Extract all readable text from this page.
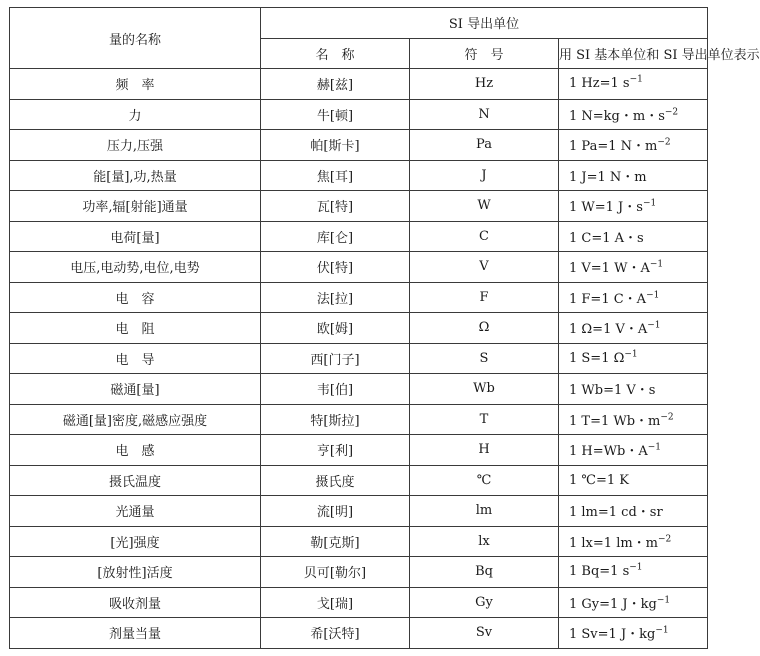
量的名称	SI 导出单位		
	名　称	符　号	用 SI 基本单位和 SI 导出单位表示
频　率	赫[兹]	Hz	1 Hz=1 $s^{-1}$
力	牛[顿]	N	1 N=kg・m・$s^{-2}$
压力,压强	帕[斯卡]	Pa	1 Pa=1 N・$m^{-2}$
能[量],功,热量	焦[耳]	J	1 J=1 N・m
功率,辐[射能]通量	瓦[特]	W	1 W=1 J・$s^{-1}$
电荷[量]	库[仑]	C	1 C=1 A・s
电压,电动势,电位,电势	伏[特]	V	1 V=1 W・$A^{-1}$
电　容	法[拉]	F	1 F=1 C・$A^{-1}$
电　阻	欧[姆]	Ω	1 Ω=1 V・$A^{-1}$
电　导	西[门子]	S	1 S=1 $\Omega^{-1}$
磁通[量]	韦[伯]	Wb	1 Wb=1 V・s
磁通[量]密度,磁感应强度	特[斯拉]	T	1 T=1 Wb・$m^{-2}$
电　感	亨[利]	H	1 H=Wb・$A^{-1}$
摄氏温度	摄氏度	℃	1 ℃=1 K
光通量	流[明]	lm	1 lm=1 cd・sr
[光]强度	勒[克斯]	lx	1 lx=1 lm・$m^{-2}$
[放射性]活度	贝可[勒尔]	Bq	1 Bq=1 $s^{-1}$
吸收剂量	戈[瑞]	Gy	1 Gy=1 J・$kg^{-1}$
剂量当量	希[沃特]	Sv	1 Sv=1 J・$kg^{-1}$
